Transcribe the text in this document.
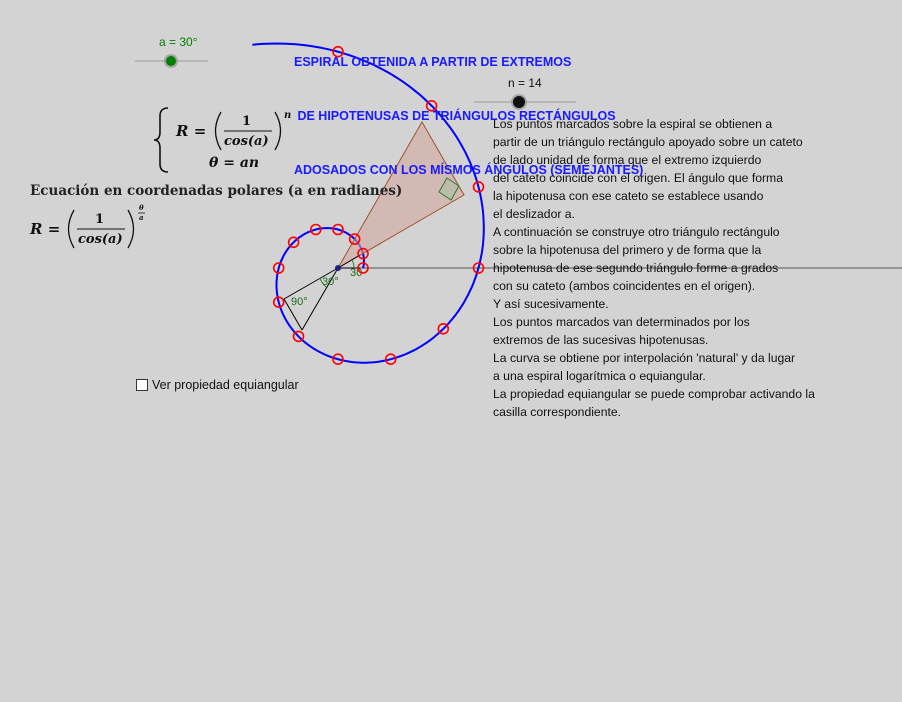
30
30°
90°

ESPIRAL OBTENIDA A PARTIR DE EXTREMOS

DE HIPOTENUSAS DE TRIÁNGULOS RECTÁNGULOS

ADOSADOS CON LOS MÍSMOS ÁNGULOS (SEMEJANTES)

a = 30°
n = 14
R =
1
cos(a)
n
θ = an
Ecuación en coordenadas polares (a en radianes)
R =
1
cos(a)
θ
a
Los puntos marcados sobre la espiral se obtienen a
partir de un triángulo rectángulo apoyado sobre un cateto
de lado unidad de forma que el extremo izquierdo
del cateto coincide con el origen. El ángulo que forma
la hipotenusa con ese cateto se establece usando
el deslizador a.
A continuación se construye otro triángulo rectángulo
sobre la hipotenusa del primero y de forma que la
hipotenusa de ese segundo triángulo forme a grados
con su cateto (ambos coincidentes en el origen).
Y así sucesivamente.
Los puntos marcados van determinados por los
extremos de las sucesivas hipotenusas.
La curva se obtiene por interpolación 'natural' y da lugar
a una espiral logarítmica o equiangular.
La propiedad equiangular se puede comprobar activando la
casilla correspondiente.
Ver propiedad equiangular
